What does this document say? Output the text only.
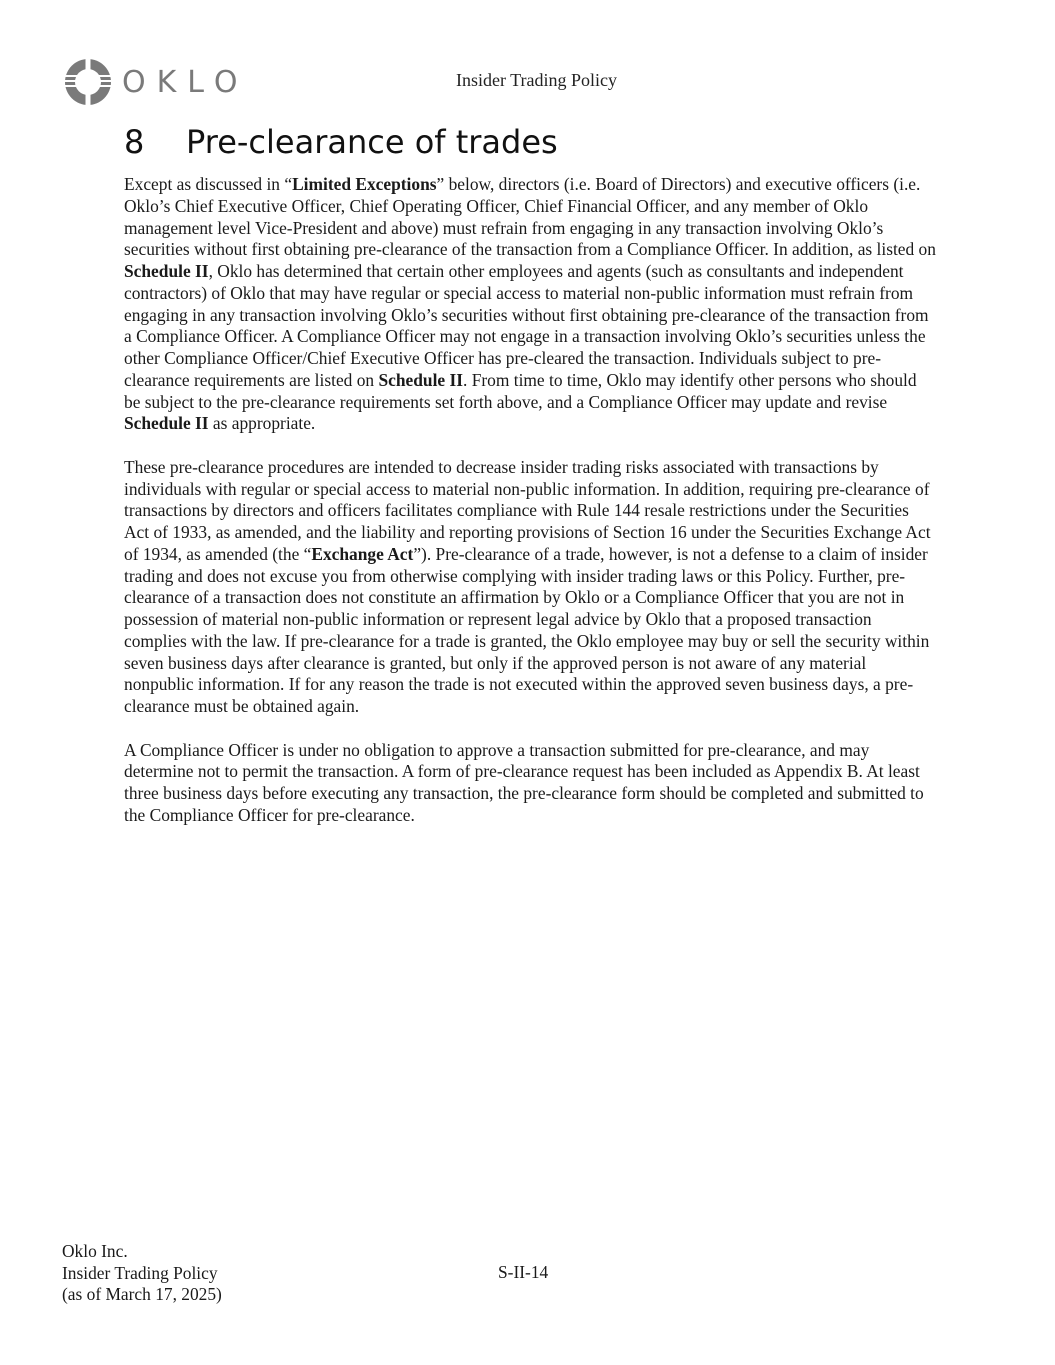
OKLO	Insider Trading Policy
8	Pre-clearance of trades

Except as discussed in “Limited Exceptions” below, directors (i.e. Board of Directors) and executive officers (i.e. Oklo’s Chief Executive Officer, Chief Operating Officer, Chief Financial Officer, and any member of Oklo management level Vice-President and above) must refrain from engaging in any transaction involving Oklo’s securities without first obtaining pre-clearance of the transaction from a Compliance Officer. In addition, as listed on Schedule II, Oklo has determined that certain other employees and agents (such as consultants and independent contractors) of Oklo that may have regular or special access to material non-public information must refrain from engaging in any transaction involving Oklo’s securities without first obtaining pre-clearance of the transaction from a Compliance Officer. A Compliance Officer may not engage in a transaction involving Oklo’s securities unless the other Compliance Officer/Chief Executive Officer has pre-cleared the transaction. Individuals subject to pre-clearance requirements are listed on Schedule II. From time to time, Oklo may identify other persons who should be subject to the pre-clearance requirements set forth above, and a Compliance Officer may update and revise Schedule II as appropriate.

These pre-clearance procedures are intended to decrease insider trading risks associated with transactions by individuals with regular or special access to material non-public information. In addition, requiring pre-clearance of transactions by directors and officers facilitates compliance with Rule 144 resale restrictions under the Securities Act of 1933, as amended, and the liability and reporting provisions of Section 16 under the Securities Exchange Act of 1934, as amended (the “Exchange Act”). Pre-clearance of a trade, however, is not a defense to a claim of insider trading and does not excuse you from otherwise complying with insider trading laws or this Policy. Further, pre-clearance of a transaction does not constitute an affirmation by Oklo or a Compliance Officer that you are not in possession of material non-public information or represent legal advice by Oklo that a proposed transaction complies with the law. If pre-clearance for a trade is granted, the Oklo employee may buy or sell the security within seven business days after clearance is granted, but only if the approved person is not aware of any material nonpublic information. If for any reason the trade is not executed within the approved seven business days, a pre-clearance must be obtained again.

A Compliance Officer is under no obligation to approve a transaction submitted for pre-clearance, and may determine not to permit the transaction. A form of pre-clearance request has been included as Appendix B. At least three business days before executing any transaction, the pre-clearance form should be completed and submitted to the Compliance Officer for pre-clearance.

Oklo Inc.
Insider Trading Policy
(as of March 17, 2025)
S-II-14
